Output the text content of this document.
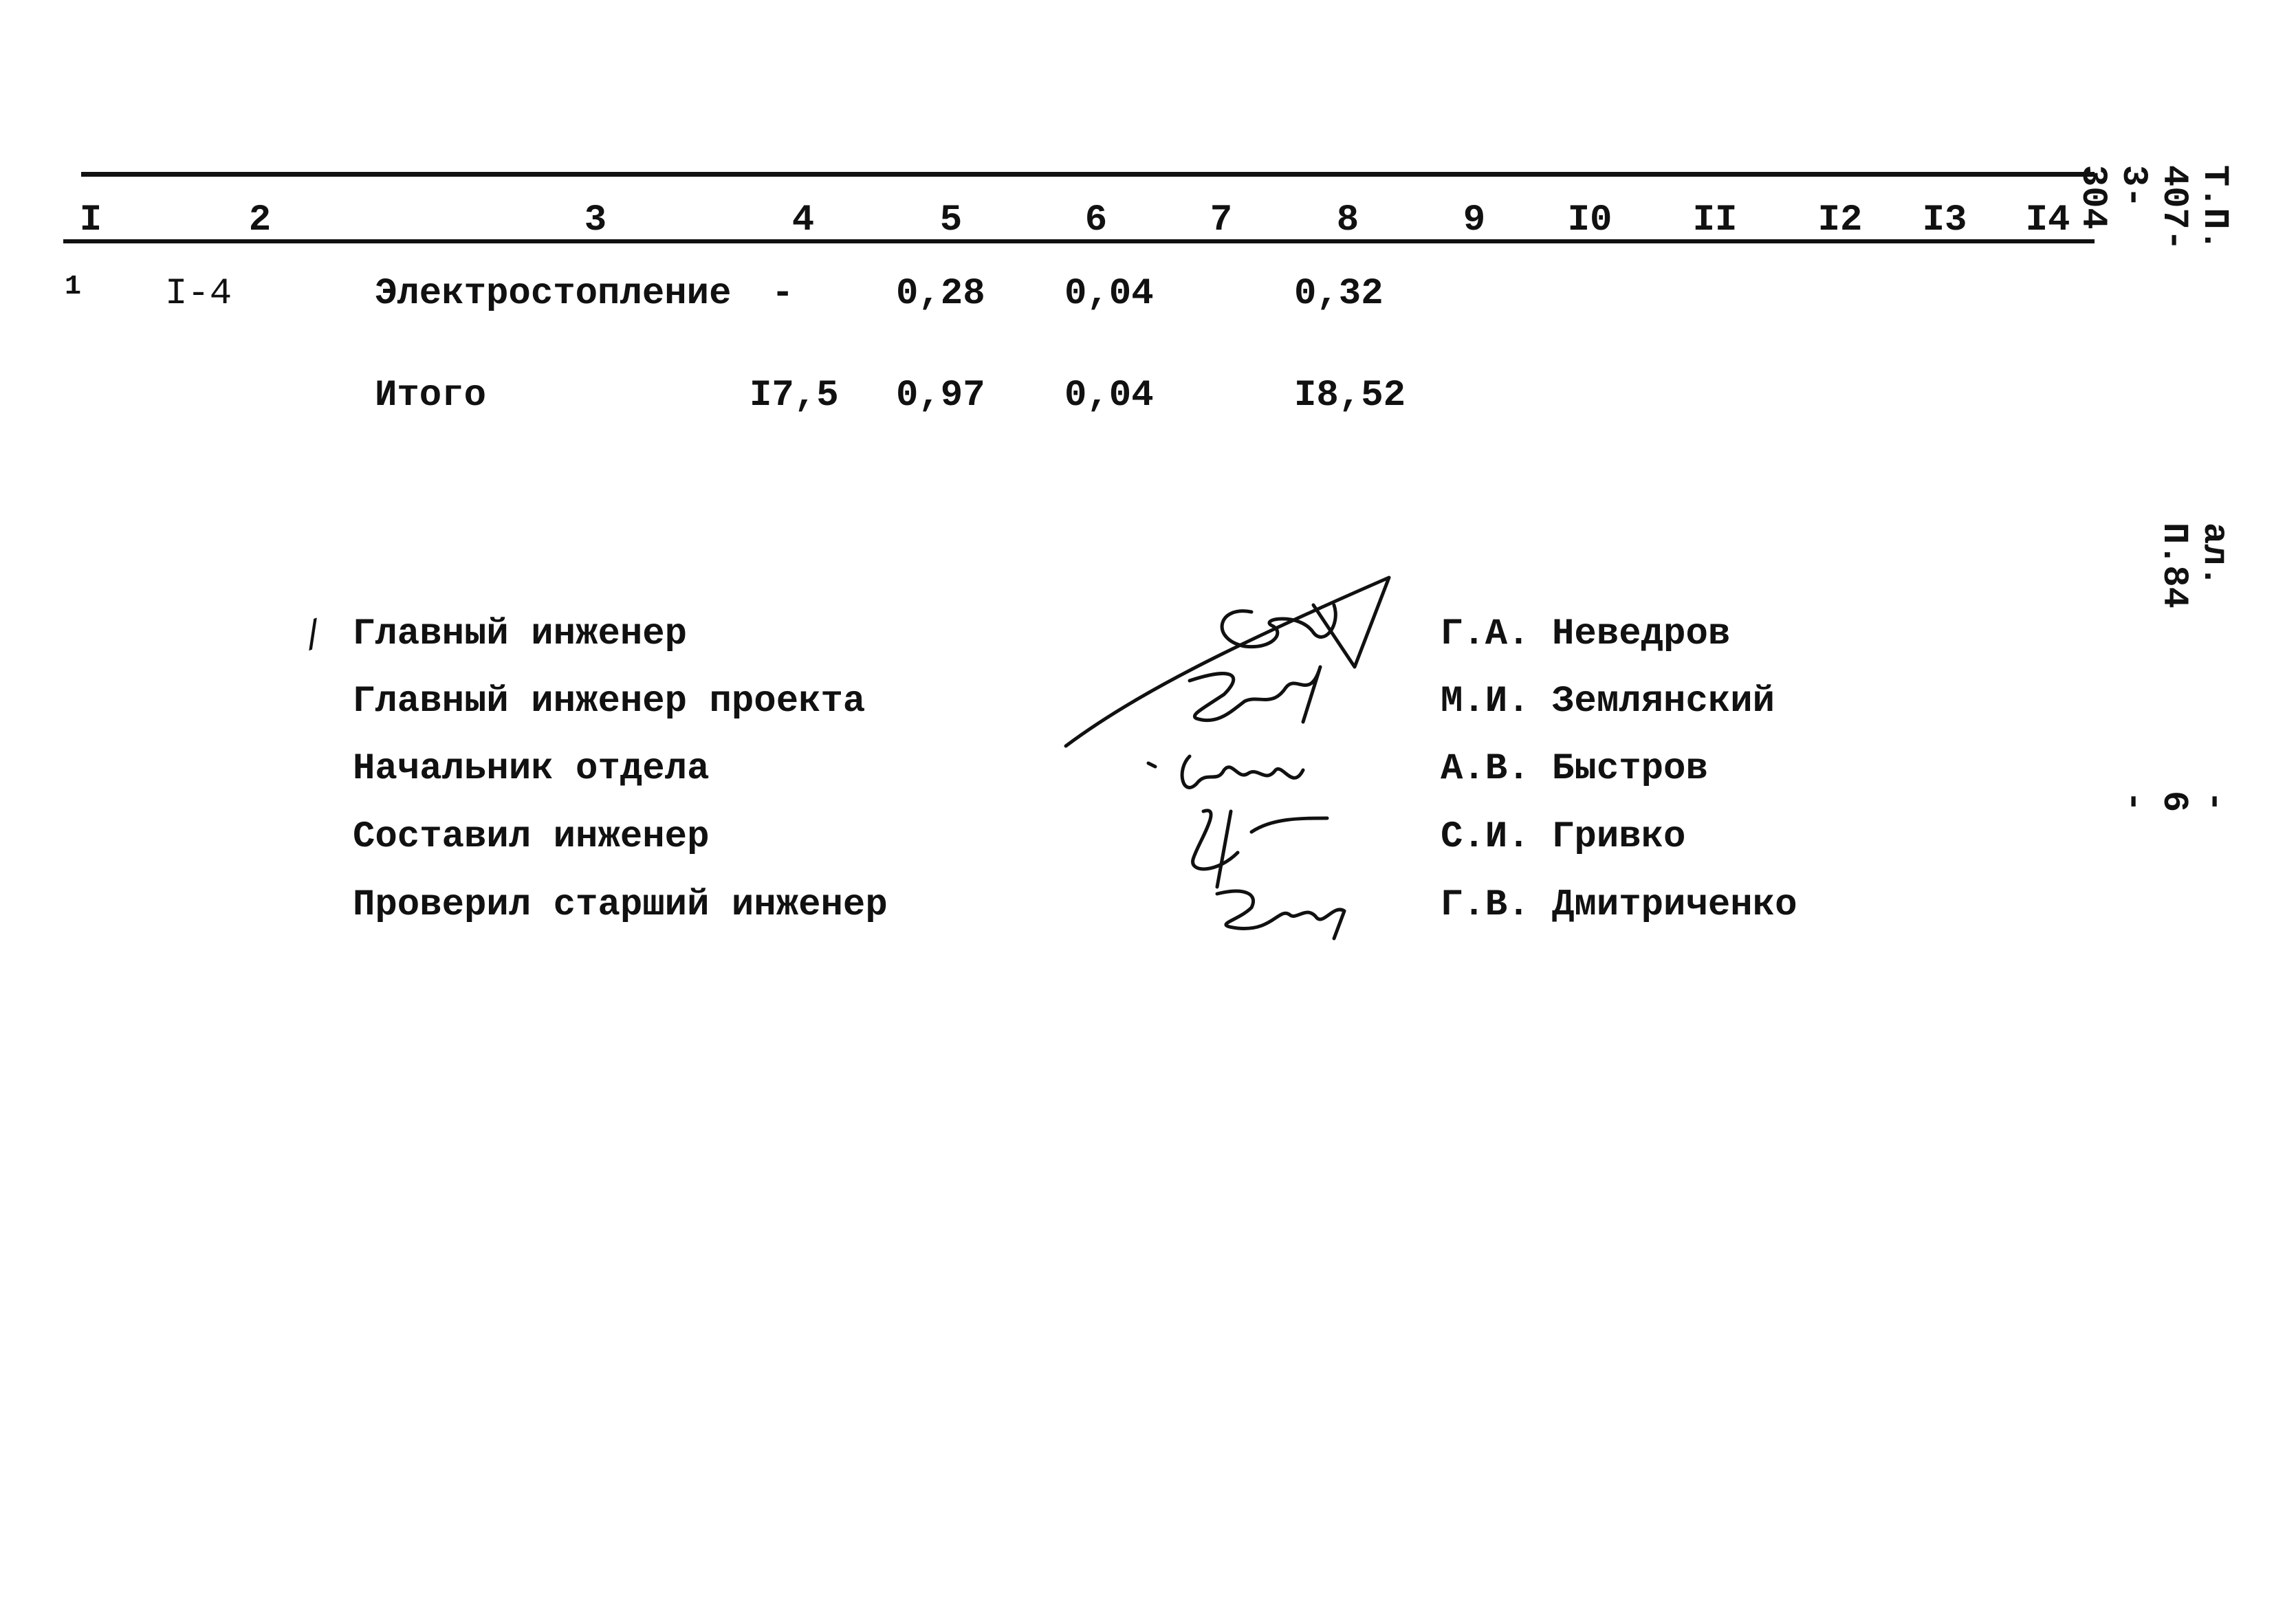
I	2	3	4	5	6	7	8	9 I0 II I2 I3 I4
1 I-4	Электростопление -	0,28 0,04	0,32
Итого	I7,5 0,97 0,04	I8,52
/ Главный инженер
Главный инженер проекта
Начальник отдела
Составил инженер
Проверил старший инженер
Г.А. Неведров
М.И. Землянский
А.В. Быстров
С.И. Гривко
Г.В. Дмитриченко
Т.П. 407-3-304
ал. П.84
- 6 -
